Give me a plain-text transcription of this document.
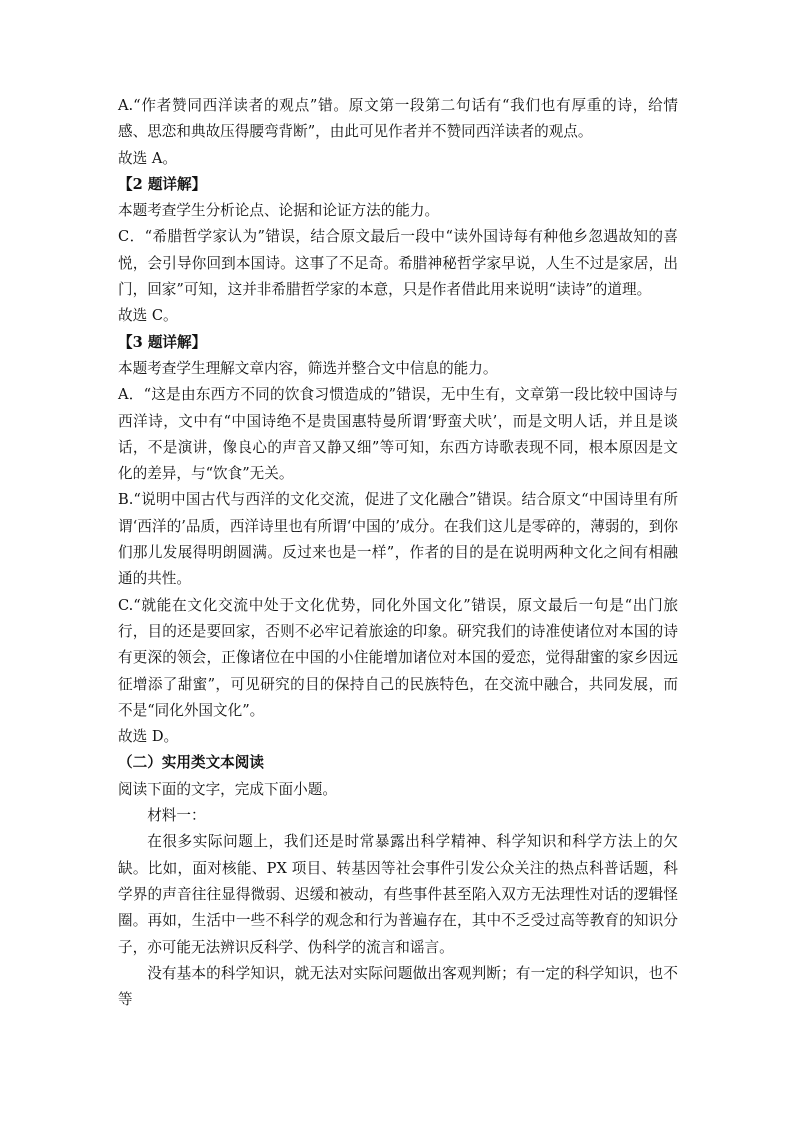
A.“作者赞同西洋读者的观点”错。原文第一段第二句话有“我们也有厚重的诗，给情感、思恋和典故压得腰弯背断”，由此可见作者并不赞同西洋读者的观点。

故选 A。

【2 题详解】

本题考查学生分析论点、论据和论证方法的能力。

C．“希腊哲学家认为”错误，结合原文最后一段中“读外国诗每有种他乡忽遇故知的喜悦，会引导你回到本国诗。这事了不足奇。希腊神秘哲学家早说，人生不过是家居，出门，回家”可知，这并非希腊哲学家的本意，只是作者借此用来说明“读诗”的道理。

故选 C。

【3 题详解】

本题考查学生理解文章内容，筛选并整合文中信息的能力。

A．“这是由东西方不同的饮食习惯造成的”错误，无中生有，文章第一段比较中国诗与西洋诗，文中有“中国诗绝不是贵国惠特曼所谓‘野蛮犬吠’，而是文明人话，并且是谈话，不是演讲，像良心的声音又静又细”等可知，东西方诗歌表现不同，根本原因是文化的差异，与“饮食”无关。

B.“说明中国古代与西洋的文化交流，促进了文化融合”错误。结合原文“中国诗里有所谓‘西洋的’品质，西洋诗里也有所谓‘中国的’成分。在我们这儿是零碎的，薄弱的，到你们那儿发展得明朗圆满。反过来也是一样”，作者的目的是在说明两种文化之间有相融通的共性。

C.“就能在文化交流中处于文化优势，同化外国文化”错误，原文最后一句是“出门旅行，目的还是要回家，否则不必牢记着旅途的印象。研究我们的诗准使诸位对本国的诗有更深的领会，正像诸位在中国的小住能增加诸位对本国的爱恋，觉得甜蜜的家乡因远征增添了甜蜜”，可见研究的目的保持自己的民族特色，在交流中融合，共同发展，而不是“同化外国文化”。

故选 D。

（二）实用类文本阅读

阅读下面的文字，完成下面小题。

材料一：

在很多实际问题上，我们还是时常暴露出科学精神、科学知识和科学方法上的欠缺。比如，面对核能、PX 项目、转基因等社会事件引发公众关注的热点科普话题，科学界的声音往往显得微弱、迟缓和被动，有些事件甚至陷入双方无法理性对话的逻辑怪圈。再如，生活中一些不科学的观念和行为普遍存在，其中不乏受过高等教育的知识分子，亦可能无法辨识反科学、伪科学的流言和谣言。

没有基本的科学知识，就无法对实际问题做出客观判断；有一定的科学知识，也不等
